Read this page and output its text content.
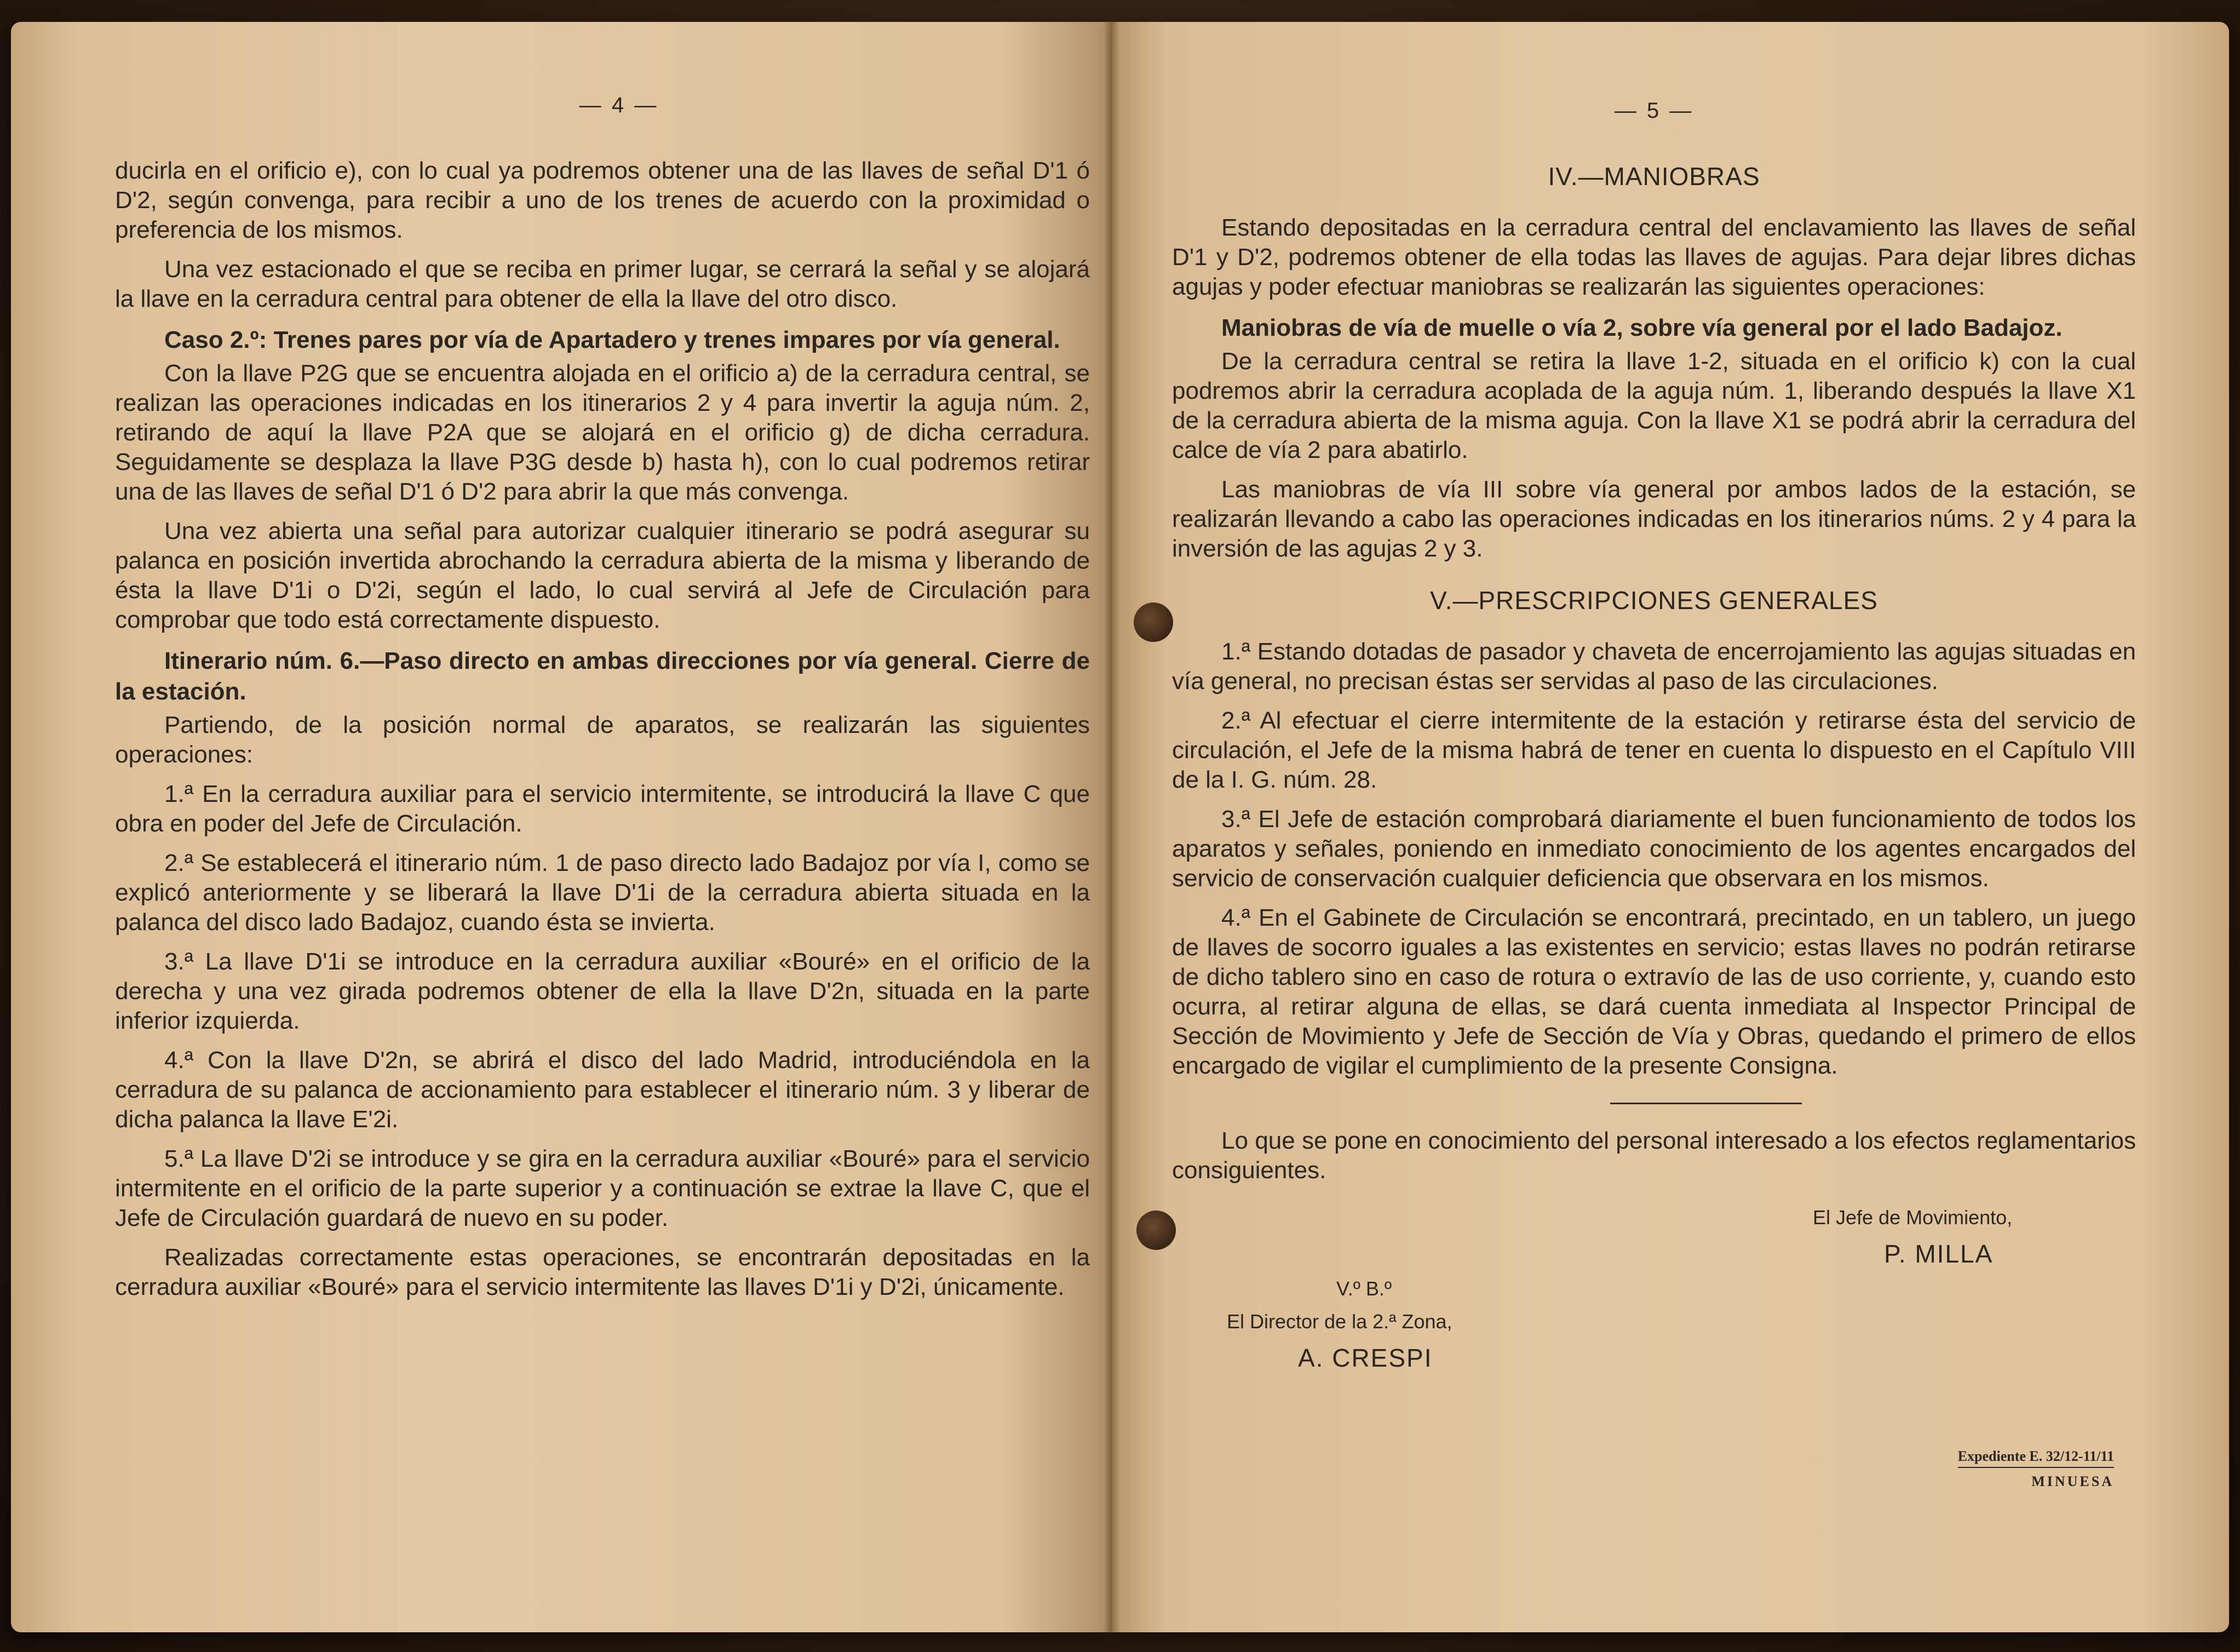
— 4 —

ducirla en el orificio e), con lo cual ya podremos obtener una de las llaves de señal D'1 ó D'2, según convenga, para recibir a uno de los trenes de acuerdo con la proximidad o preferencia de los mismos.

Una vez estacionado el que se reciba en primer lugar, se cerrará la señal y se alojará la llave en la cerradura central para obtener de ella la llave del otro disco.

Caso 2.º: Trenes pares por vía de Apartadero y trenes impares por vía general.

Con la llave P2G que se encuentra alojada en el orificio a) de la cerradura central, se realizan las operaciones indicadas en los itinerarios 2 y 4 para invertir la aguja núm. 2, retirando de aquí la llave P2A que se alojará en el orificio g) de dicha cerradura. Seguidamente se desplaza la llave P3G desde b) hasta h), con lo cual podremos retirar una de las llaves de señal D'1 ó D'2 para abrir la que más convenga.

Una vez abierta una señal para autorizar cualquier itinerario se podrá asegurar su palanca en posición invertida abrochando la cerradura abierta de la misma y liberando de ésta la llave D'1i o D'2i, según el lado, lo cual servirá al Jefe de Circulación para comprobar que todo está correctamente dispuesto.

Itinerario núm. 6.—Paso directo en ambas direcciones por vía general. Cierre de la estación.

Partiendo, de la posición normal de aparatos, se realizarán las siguientes operaciones:

1.ª En la cerradura auxiliar para el servicio intermitente, se introducirá la llave C que obra en poder del Jefe de Circulación.

2.ª Se establecerá el itinerario núm. 1 de paso directo lado Badajoz por vía I, como se explicó anteriormente y se liberará la llave D'1i de la cerradura abierta situada en la palanca del disco lado Badajoz, cuando ésta se invierta.

3.ª La llave D'1i se introduce en la cerradura auxiliar «Bouré» en el orificio de la derecha y una vez girada podremos obtener de ella la llave D'2n, situada en la parte inferior izquierda.

4.ª Con la llave D'2n, se abrirá el disco del lado Madrid, introduciéndola en la cerradura de su palanca de accionamiento para establecer el itinerario núm. 3 y liberar de dicha palanca la llave E'2i.

5.ª La llave D'2i se introduce y se gira en la cerradura auxiliar «Bouré» para el servicio intermitente en el orificio de la parte superior y a continuación se extrae la llave C, que el Jefe de Circulación guardará de nuevo en su poder.

Realizadas correctamente estas operaciones, se encontrarán depositadas en la cerradura auxiliar «Bouré» para el servicio intermitente las llaves D'1i y D'2i, únicamente.

— 5 —
IV.—MANIOBRAS

Estando depositadas en la cerradura central del enclavamiento las llaves de señal D'1 y D'2, podremos obtener de ella todas las llaves de agujas. Para dejar libres dichas agujas y poder efectuar maniobras se realizarán las siguientes operaciones:

Maniobras de vía de muelle o vía 2, sobre vía general por el lado Badajoz.

De la cerradura central se retira la llave 1-2, situada en el orificio k) con la cual podremos abrir la cerradura acoplada de la aguja núm. 1, liberando después la llave X1 de la cerradura abierta de la misma aguja. Con la llave X1 se podrá abrir la cerradura del calce de vía 2 para abatirlo.

Las maniobras de vía III sobre vía general por ambos lados de la estación, se realizarán llevando a cabo las operaciones indicadas en los itinerarios núms. 2 y 4 para la inversión de las agujas 2 y 3.

V.—PRESCRIPCIONES GENERALES

1.ª Estando dotadas de pasador y chaveta de encerrojamiento las agujas situadas en vía general, no precisan éstas ser servidas al paso de las circulaciones.

2.ª Al efectuar el cierre intermitente de la estación y retirarse ésta del servicio de circulación, el Jefe de la misma habrá de tener en cuenta lo dispuesto en el Capítulo VIII de la I. G. núm. 28.

3.ª El Jefe de estación comprobará diariamente el buen funcionamiento de todos los aparatos y señales, poniendo en inmediato conocimiento de los agentes encargados del servicio de conservación cualquier deficiencia que observara en los mismos.

4.ª En el Gabinete de Circulación se encontrará, precintado, en un tablero, un juego de llaves de socorro iguales a las existentes en servicio; estas llaves no podrán retirarse de dicho tablero sino en caso de rotura o extravío de las de uso corriente, y, cuando esto ocurra, al retirar alguna de ellas, se dará cuenta inmediata al Inspector Principal de Sección de Movimiento y Jefe de Sección de Vía y Obras, quedando el primero de ellos encargado de vigilar el cumplimiento de la presente Consigna.

Lo que se pone en conocimiento del personal interesado a los efectos reglamentarios consiguientes.

El Jefe de Movimiento,
P. MILLA
V.º B.º
El Director de la 2.ª Zona,
A. CRESPI
Expediente E. 32/12-11/11
MINUESA
